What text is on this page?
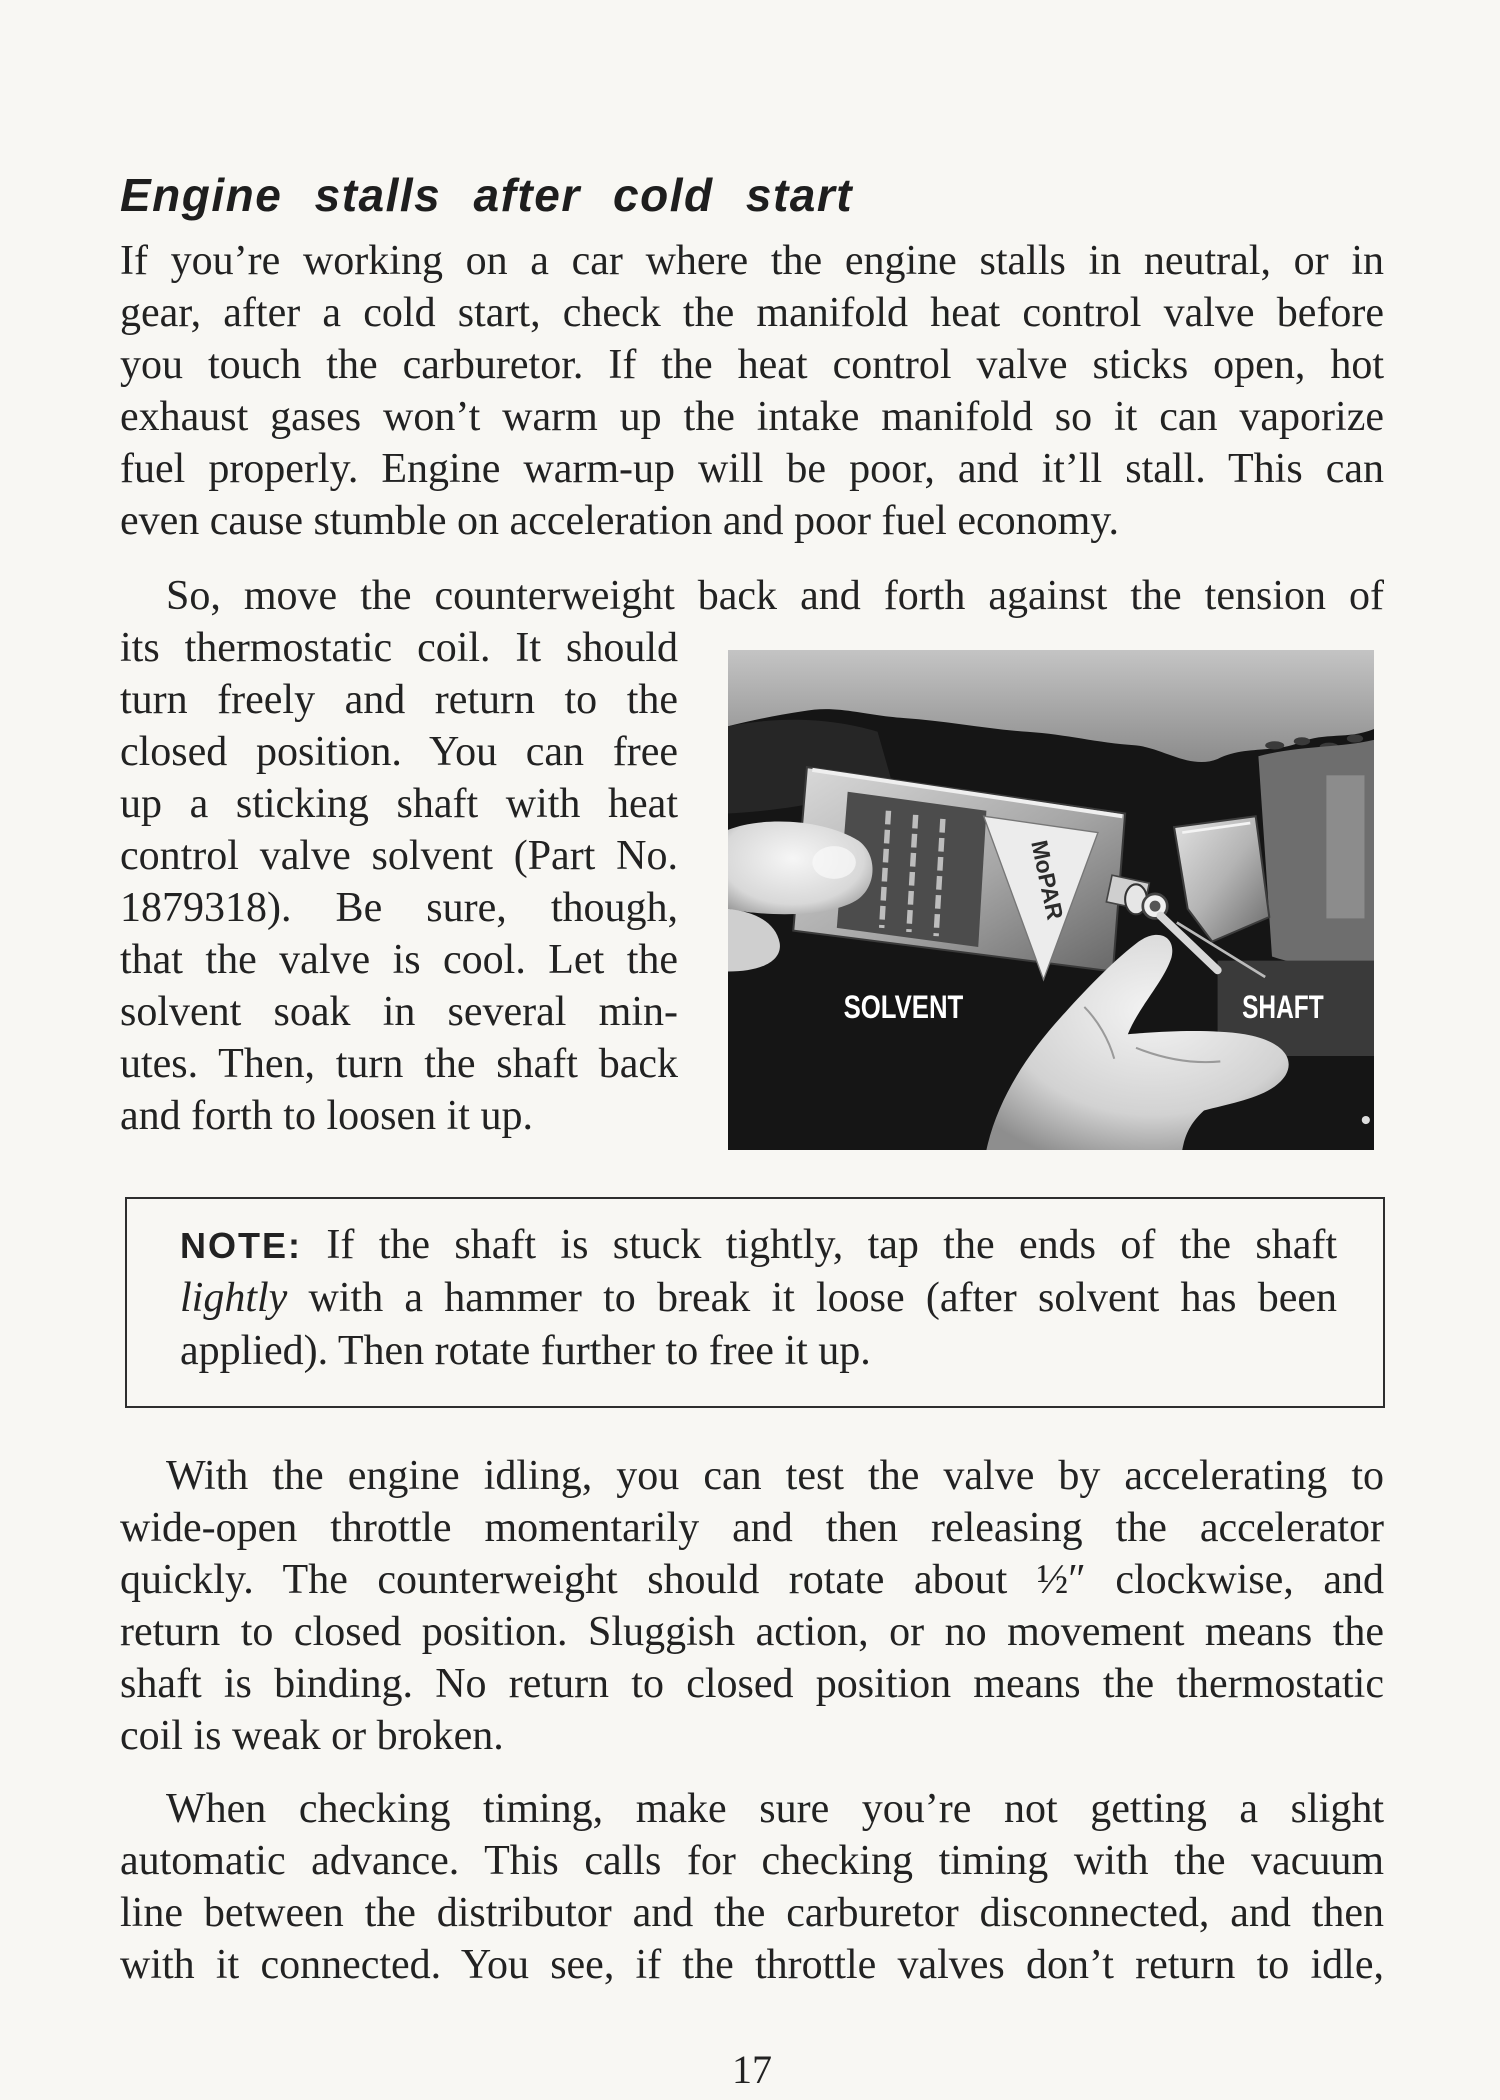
Engine stalls after cold start
If you’re working on a car where the engine stalls in neutral, or in
gear, after a cold start, check the manifold heat control valve before
you touch the carburetor. If the heat control valve sticks open, hot
exhaust gases won’t warm up the intake manifold so it can vaporize
fuel properly. Engine warm-up will be poor, and it’ll stall. This can
even cause stumble on acceleration and poor fuel economy.
So, move the counterweight back and forth against the tension of
its thermostatic coil. It should
turn freely and return to the
closed position. You can free
up a sticking shaft with heat
control valve solvent (Part No.
1879318). Be sure, though,
that the valve is cool. Let the
solvent soak in several min-
utes. Then, turn the shaft back
and forth to loosen it up.
MoPAR
SOLVENT	SHAFT
NOTE: If the shaft is stuck tightly, tap the ends of the shaft
lightly with a hammer to break it loose (after solvent has been
applied). Then rotate further to free it up.
With the engine idling, you can test the valve by accelerating to
wide-open throttle momentarily and then releasing the accelerator
quickly. The counterweight should rotate about ½″ clockwise, and
return to closed position. Sluggish action, or no movement means the
shaft is binding. No return to closed position means the thermostatic
coil is weak or broken.
When checking timing, make sure you’re not getting a slight
automatic advance. This calls for checking timing with the vacuum
line between the distributor and the carburetor disconnected, and then
with it connected. You see, if the throttle valves don’t return to idle,
17
